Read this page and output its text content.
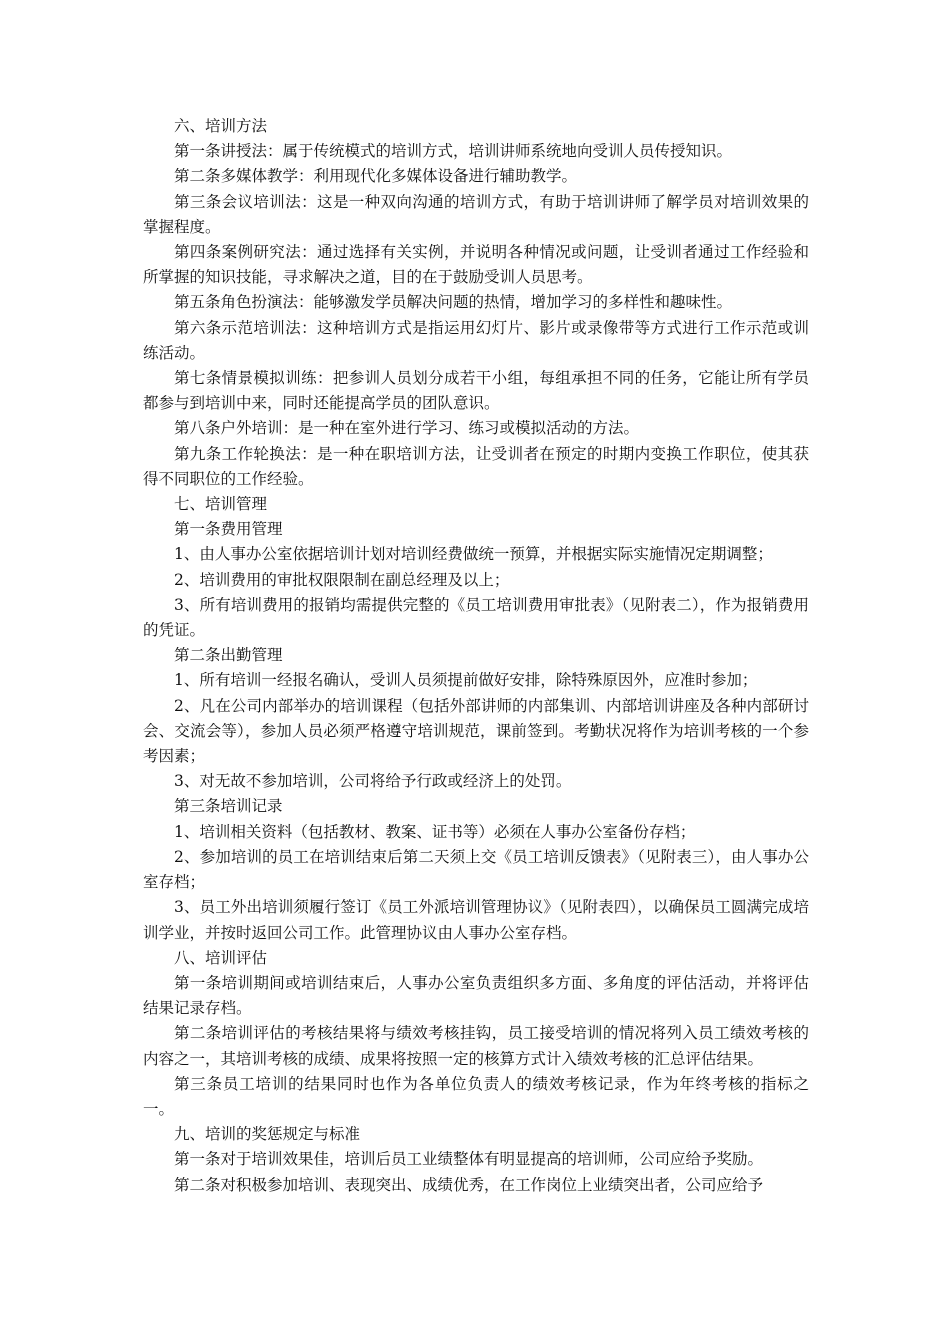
六、培训方法

第一条讲授法：属于传统模式的培训方式，培训讲师系统地向受训人员传授知识。

第二条多媒体教学：利用现代化多媒体设备进行辅助教学。

第三条会议培训法：这是一种双向沟通的培训方式，有助于培训讲师了解学员对培训效果的掌握程度。

第四条案例研究法：通过选择有关实例，并说明各种情况或问题，让受训者通过工作经验和所掌握的知识技能，寻求解决之道，目的在于鼓励受训人员思考。

第五条角色扮演法：能够激发学员解决问题的热情，增加学习的多样性和趣味性。

第六条示范培训法：这种培训方式是指运用幻灯片、影片或录像带等方式进行工作示范或训练活动。

第七条情景模拟训练：把参训人员划分成若干小组，每组承担不同的任务，它能让所有学员都参与到培训中来，同时还能提高学员的团队意识。

第八条户外培训：是一种在室外进行学习、练习或模拟活动的方法。

第九条工作轮换法：是一种在职培训方法，让受训者在预定的时期内变换工作职位，使其获得不同职位的工作经验。

七、培训管理

第一条费用管理

1、由人事办公室依据培训计划对培训经费做统一预算，并根据实际实施情况定期调整；

2、培训费用的审批权限限制在副总经理及以上；

3、所有培训费用的报销均需提供完整的《员工培训费用审批表》（见附表二），作为报销费用的凭证。

第二条出勤管理

1、所有培训一经报名确认，受训人员须提前做好安排，除特殊原因外，应准时参加；

2、凡在公司内部举办的培训课程（包括外部讲师的内部集训、内部培训讲座及各种内部研讨会、交流会等），参加人员必须严格遵守培训规范，课前签到。考勤状况将作为培训考核的一个参考因素；

3、对无故不参加培训，公司将给予行政或经济上的处罚。

第三条培训记录

1、培训相关资料（包括教材、教案、证书等）必须在人事办公室备份存档；

2、参加培训的员工在培训结束后第二天须上交《员工培训反馈表》（见附表三），由人事办公室存档；

3、员工外出培训须履行签订《员工外派培训管理协议》（见附表四），以确保员工圆满完成培训学业，并按时返回公司工作。此管理协议由人事办公室存档。

八、培训评估

第一条培训期间或培训结束后，人事办公室负责组织多方面、多角度的评估活动，并将评估结果记录存档。

第二条培训评估的考核结果将与绩效考核挂钩，员工接受培训的情况将列入员工绩效考核的内容之一，其培训考核的成绩、成果将按照一定的核算方式计入绩效考核的汇总评估结果。

第三条员工培训的结果同时也作为各单位负责人的绩效考核记录，作为年终考核的指标之一。

九、培训的奖惩规定与标准

第一条对于培训效果佳，培训后员工业绩整体有明显提高的培训师，公司应给予奖励。

第二条对积极参加培训、表现突出、成绩优秀，在工作岗位上业绩突出者，公司应给予
